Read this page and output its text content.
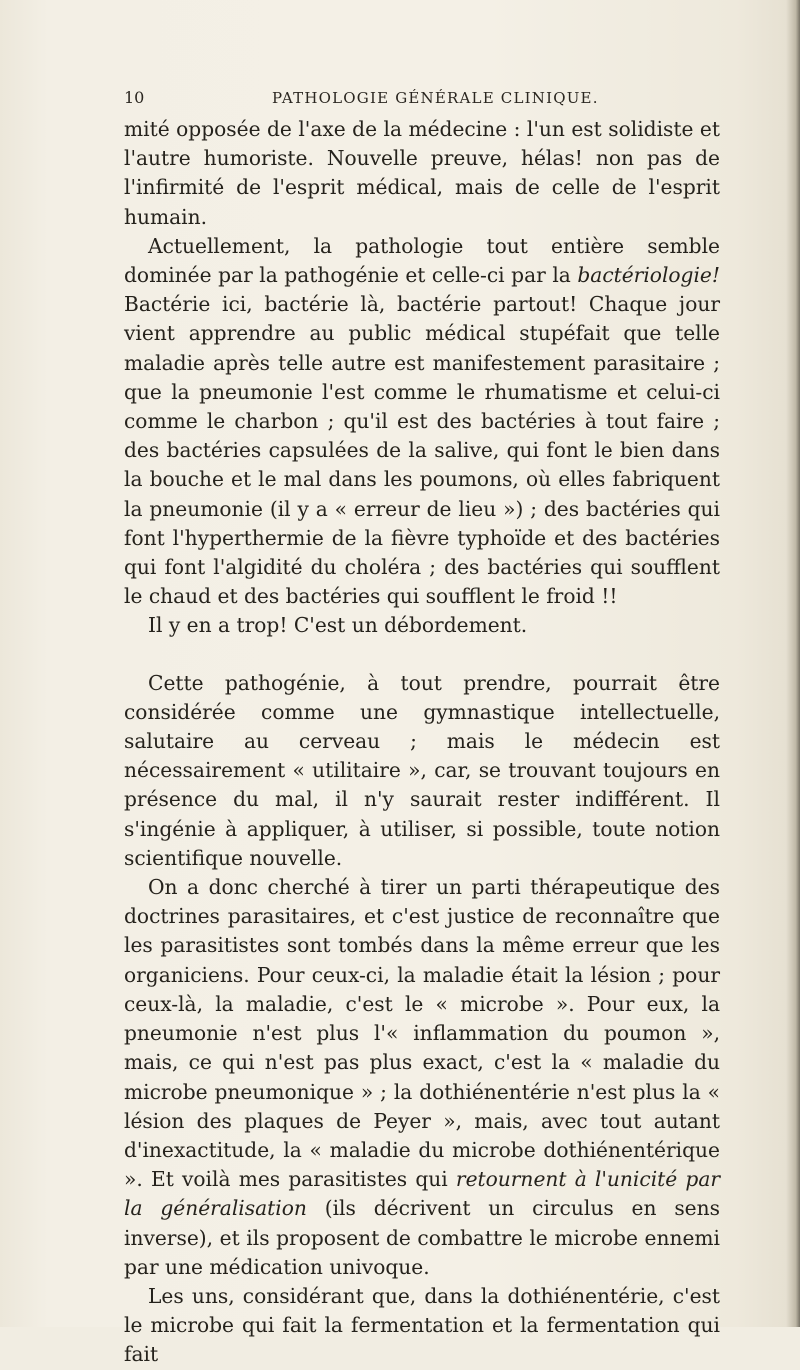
10	PATHOLOGIE GÉNÉRALE CLINIQUE.

mité opposée de l'axe de la médecine : l'un est solidiste et l'autre humoriste. Nouvelle preuve, hélas! non pas de l'infirmité de l'esprit médical, mais de celle de l'esprit humain.

Actuellement, la pathologie tout entière semble dominée par la pathogénie et celle-ci par la bactériologie! Bactérie ici, bactérie là, bactérie partout! Chaque jour vient apprendre au public médical stupéfait que telle maladie après telle autre est manifestement parasitaire ; que la pneumonie l'est comme le rhumatisme et celui-ci comme le charbon ; qu'il est des bactéries à tout faire ; des bactéries capsulées de la salive, qui font le bien dans la bouche et le mal dans les poumons, où elles fabriquent la pneumonie (il y a « erreur de lieu ») ; des bactéries qui font l'hyperthermie de la fièvre typhoïde et des bactéries qui font l'algidité du choléra ; des bactéries qui soufflent le chaud et des bactéries qui soufflent le froid !!

Il y en a trop! C'est un débordement.

Cette pathogénie, à tout prendre, pourrait être considérée comme une gymnastique intellectuelle, salutaire au cerveau ; mais le médecin est nécessairement « utilitaire », car, se trouvant toujours en présence du mal, il n'y saurait rester indifférent. Il s'ingénie à appliquer, à utiliser, si possible, toute notion scientifique nouvelle.

On a donc cherché à tirer un parti thérapeutique des doctrines parasitaires, et c'est justice de reconnaître que les parasitistes sont tombés dans la même erreur que les organiciens. Pour ceux-ci, la maladie était la lésion ; pour ceux-là, la maladie, c'est le « microbe ». Pour eux, la pneumonie n'est plus l'« inflammation du poumon », mais, ce qui n'est pas plus exact, c'est la « maladie du microbe pneumonique » ; la dothiénentérie n'est plus la « lésion des plaques de Peyer », mais, avec tout autant d'inexactitude, la « maladie du microbe dothiénentérique ». Et voilà mes parasitistes qui retournent à l'unicité par la généralisation (ils décrivent un circulus en sens inverse), et ils proposent de combattre le microbe ennemi par une médication univoque.

Les uns, considérant que, dans la dothiénentérie, c'est le microbe qui fait la fermentation et la fermentation qui fait
